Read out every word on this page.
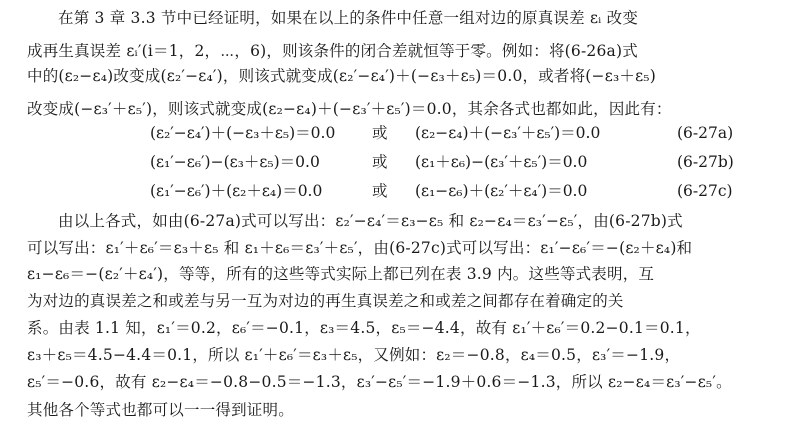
在第 3 章 3.3 节中已经证明，如果在以上的条件中任意一组对边的原真误差 εᵢ 改变
成再生真误差 εᵢ′(i＝1，2，⋯，6)，则该条件的闭合差就恒等于零。例如：将(6-26a)式
中的(ε₂−ε₄)改变成(ε₂′−ε₄′)，则该式就变成(ε₂′−ε₄′)＋(−ε₃＋ε₅)＝0.0，或者将(−ε₃＋ε₅)
改变成(−ε₃′＋ε₅′)，则该式就变成(ε₂−ε₄)＋(−ε₃′＋ε₅′)＝0.0，其余各式也都如此，因此有：
(ε₂′−ε₄′)＋(−ε₃＋ε₅)＝0.0 或 (ε₂−ε₄)＋(−ε₃′＋ε₅′)＝0.0	(6-27a)
(ε₁′−ε₆′)−(ε₃＋ε₅)＝0.0	或 (ε₁＋ε₆)−(ε₃′＋ε₅′)＝0.0	(6-27b)
(ε₁′−ε₆′)＋(ε₂＋ε₄)＝0.0	或 (ε₁−ε₆)＋(ε₂′＋ε₄′)＝0.0	(6-27c)
由以上各式，如由(6-27a)式可以写出：ε₂′−ε₄′＝ε₃−ε₅ 和 ε₂−ε₄＝ε₃′−ε₅′，由(6-27b)式
可以写出：ε₁′＋ε₆′＝ε₃＋ε₅ 和 ε₁＋ε₆＝ε₃′＋ε₅′，由(6-27c)式可以写出：ε₁′−ε₆′＝−(ε₂＋ε₄)和
ε₁−ε₆＝−(ε₂′＋ε₄′)，等等，所有的这些等式实际上都已列在表 3.9 内。这些等式表明，互
为对边的真误差之和或差与另一互为对边的再生真误差之和或差之间都存在着确定的关
系。由表 1.1 知，ε₁′＝0.2，ε₆′＝−0.1，ε₃＝4.5，ε₅＝−4.4，故有 ε₁′＋ε₆′＝0.2−0.1＝0.1，
ε₃＋ε₅＝4.5−4.4＝0.1，所以 ε₁′＋ε₆′＝ε₃＋ε₅，又例如：ε₂＝−0.8，ε₄＝0.5，ε₃′＝−1.9，
ε₅′＝−0.6，故有 ε₂−ε₄＝−0.8−0.5＝−1.3，ε₃′−ε₅′＝−1.9＋0.6＝−1.3，所以 ε₂−ε₄＝ε₃′−ε₅′。
其他各个等式也都可以一一得到证明。
